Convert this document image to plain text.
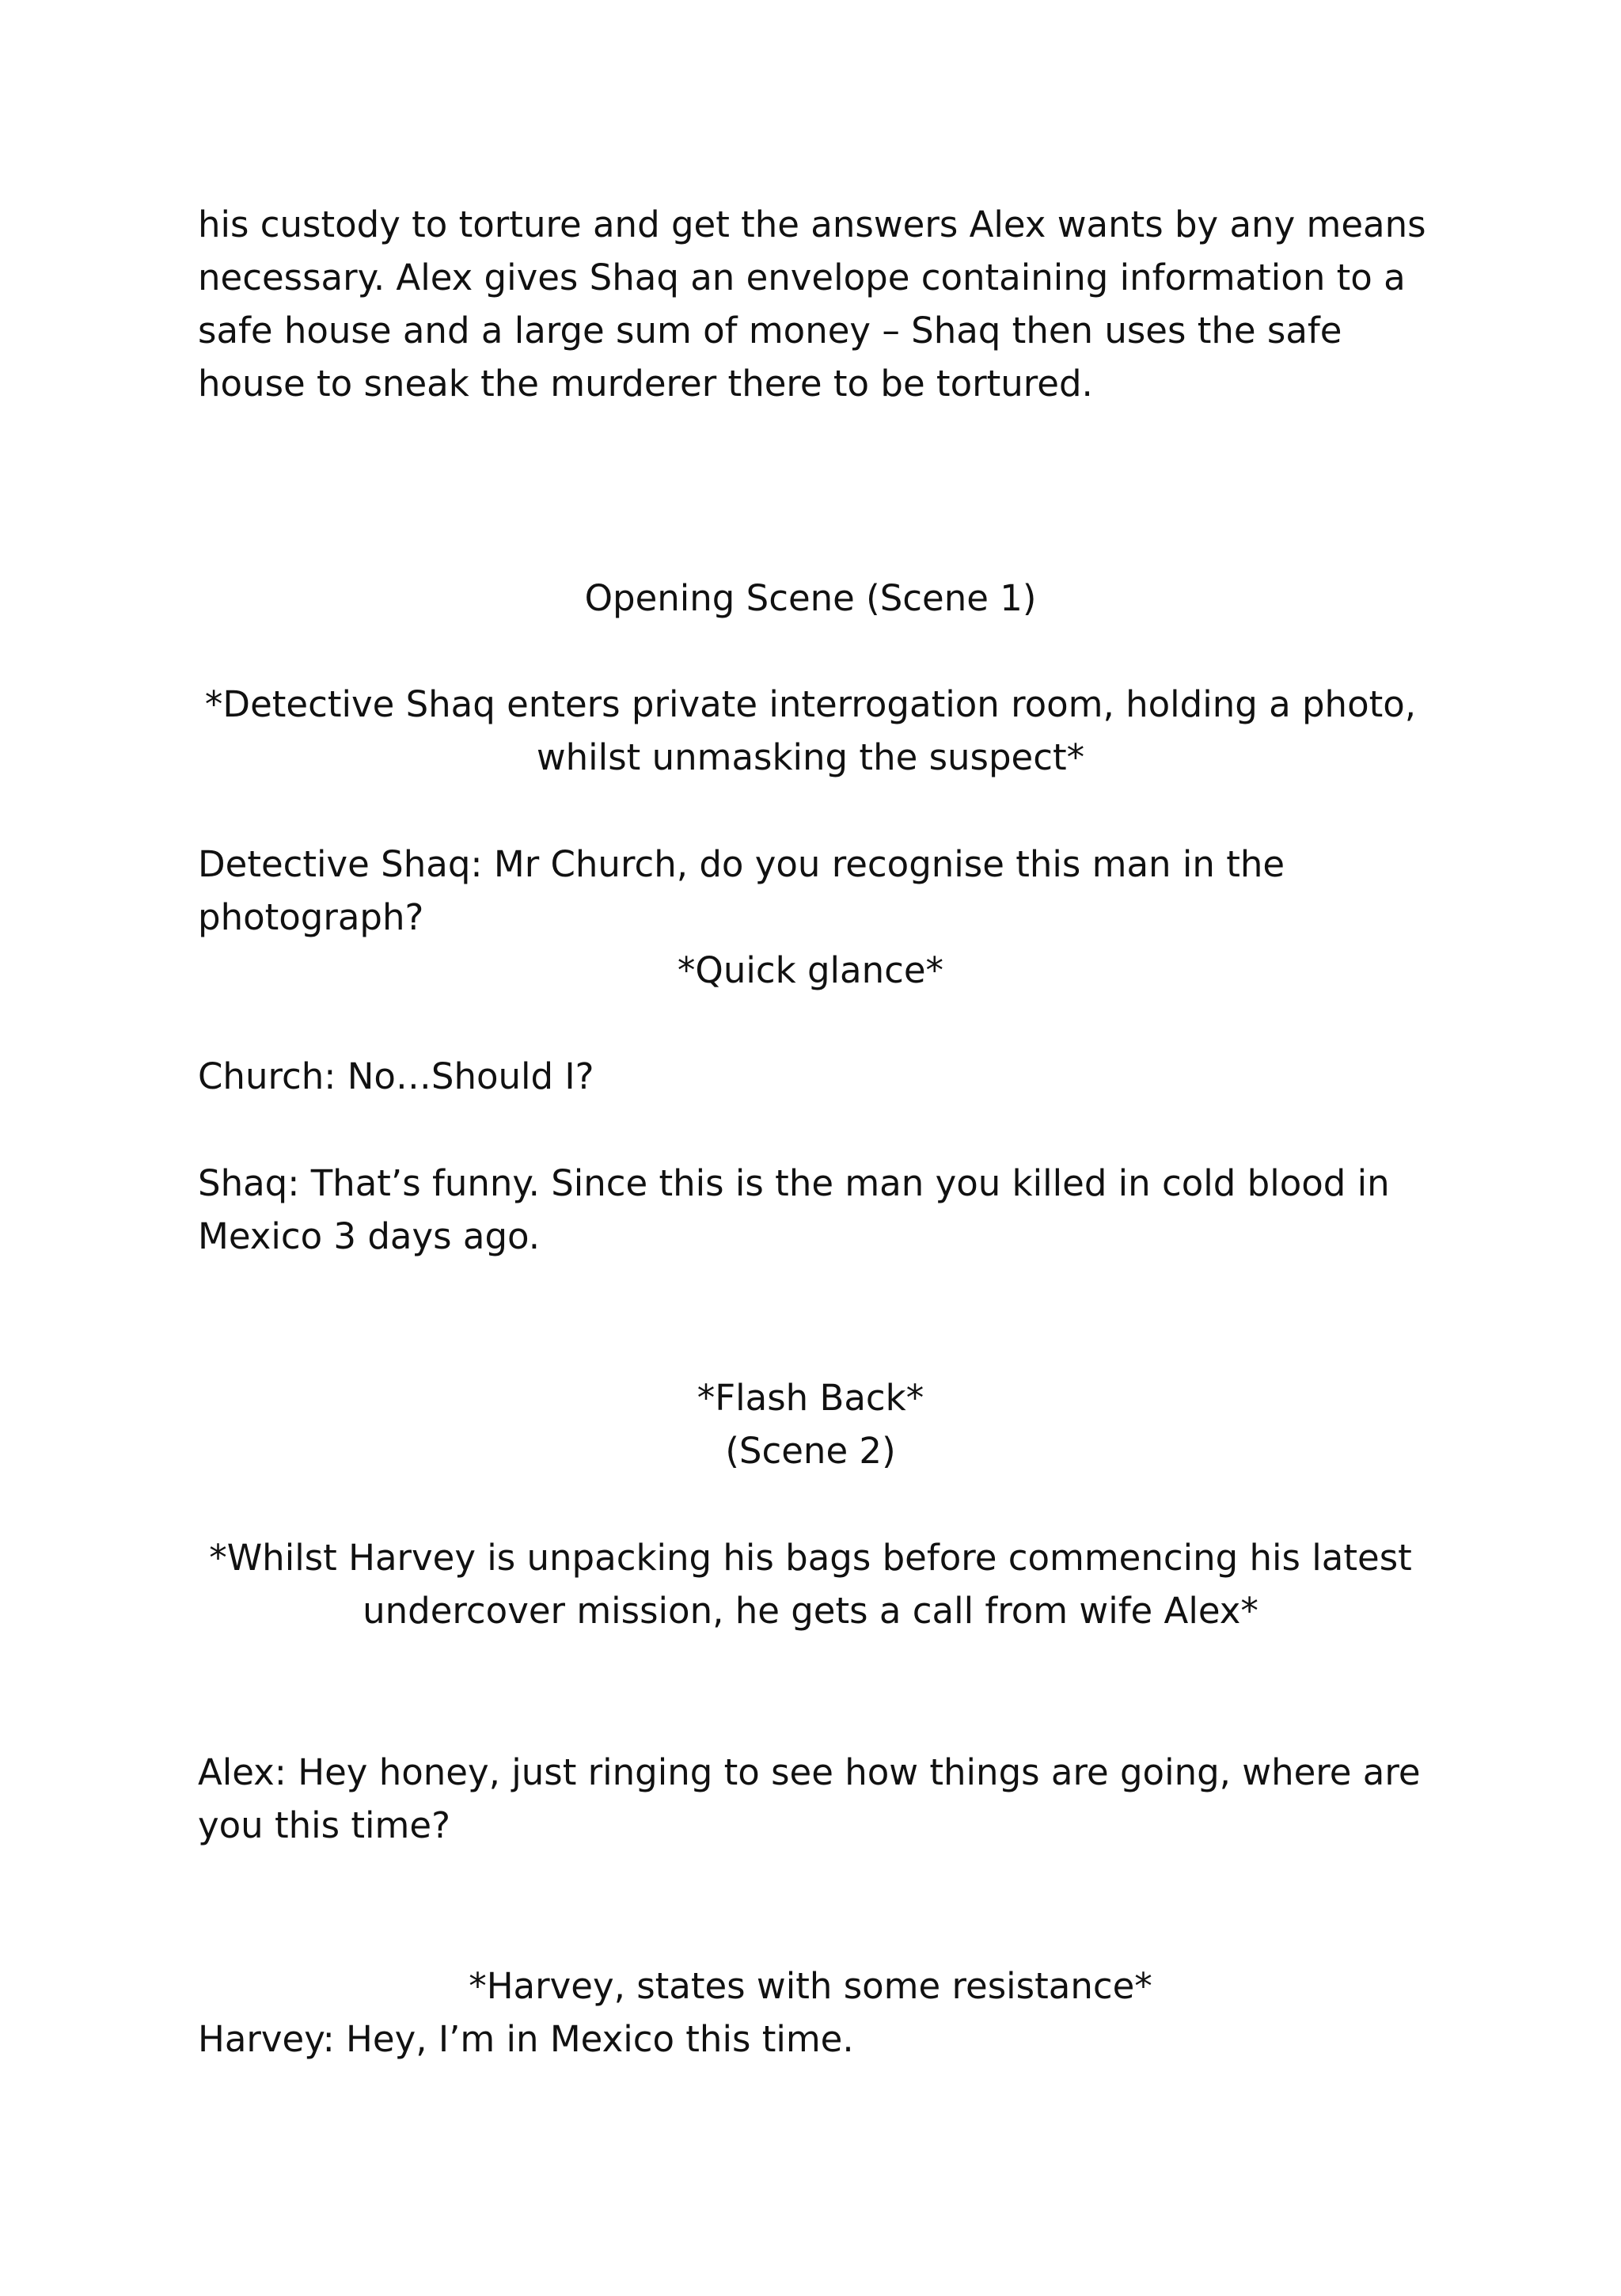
his custody to torture and get the answers Alex wants by any means
necessary. Alex gives Shaq an envelope containing information to a
safe house and a large sum of money – Shaq then uses the safe
house to sneak the murderer there to be tortured.
Opening Scene (Scene 1)
*Detective Shaq enters private interrogation room, holding a photo,
whilst unmasking the suspect*
Detective Shaq: Mr Church, do you recognise this man in the
photograph?
*Quick glance*
Church: No…Should I?
Shaq: That’s funny. Since this is the man you killed in cold blood in
Mexico 3 days ago.
*Flash Back*
(Scene 2)
*Whilst Harvey is unpacking his bags before commencing his latest
undercover mission, he gets a call from wife Alex*
Alex: Hey honey, just ringing to see how things are going, where are
you this time?
*Harvey, states with some resistance*
Harvey: Hey, I’m in Mexico this time.
